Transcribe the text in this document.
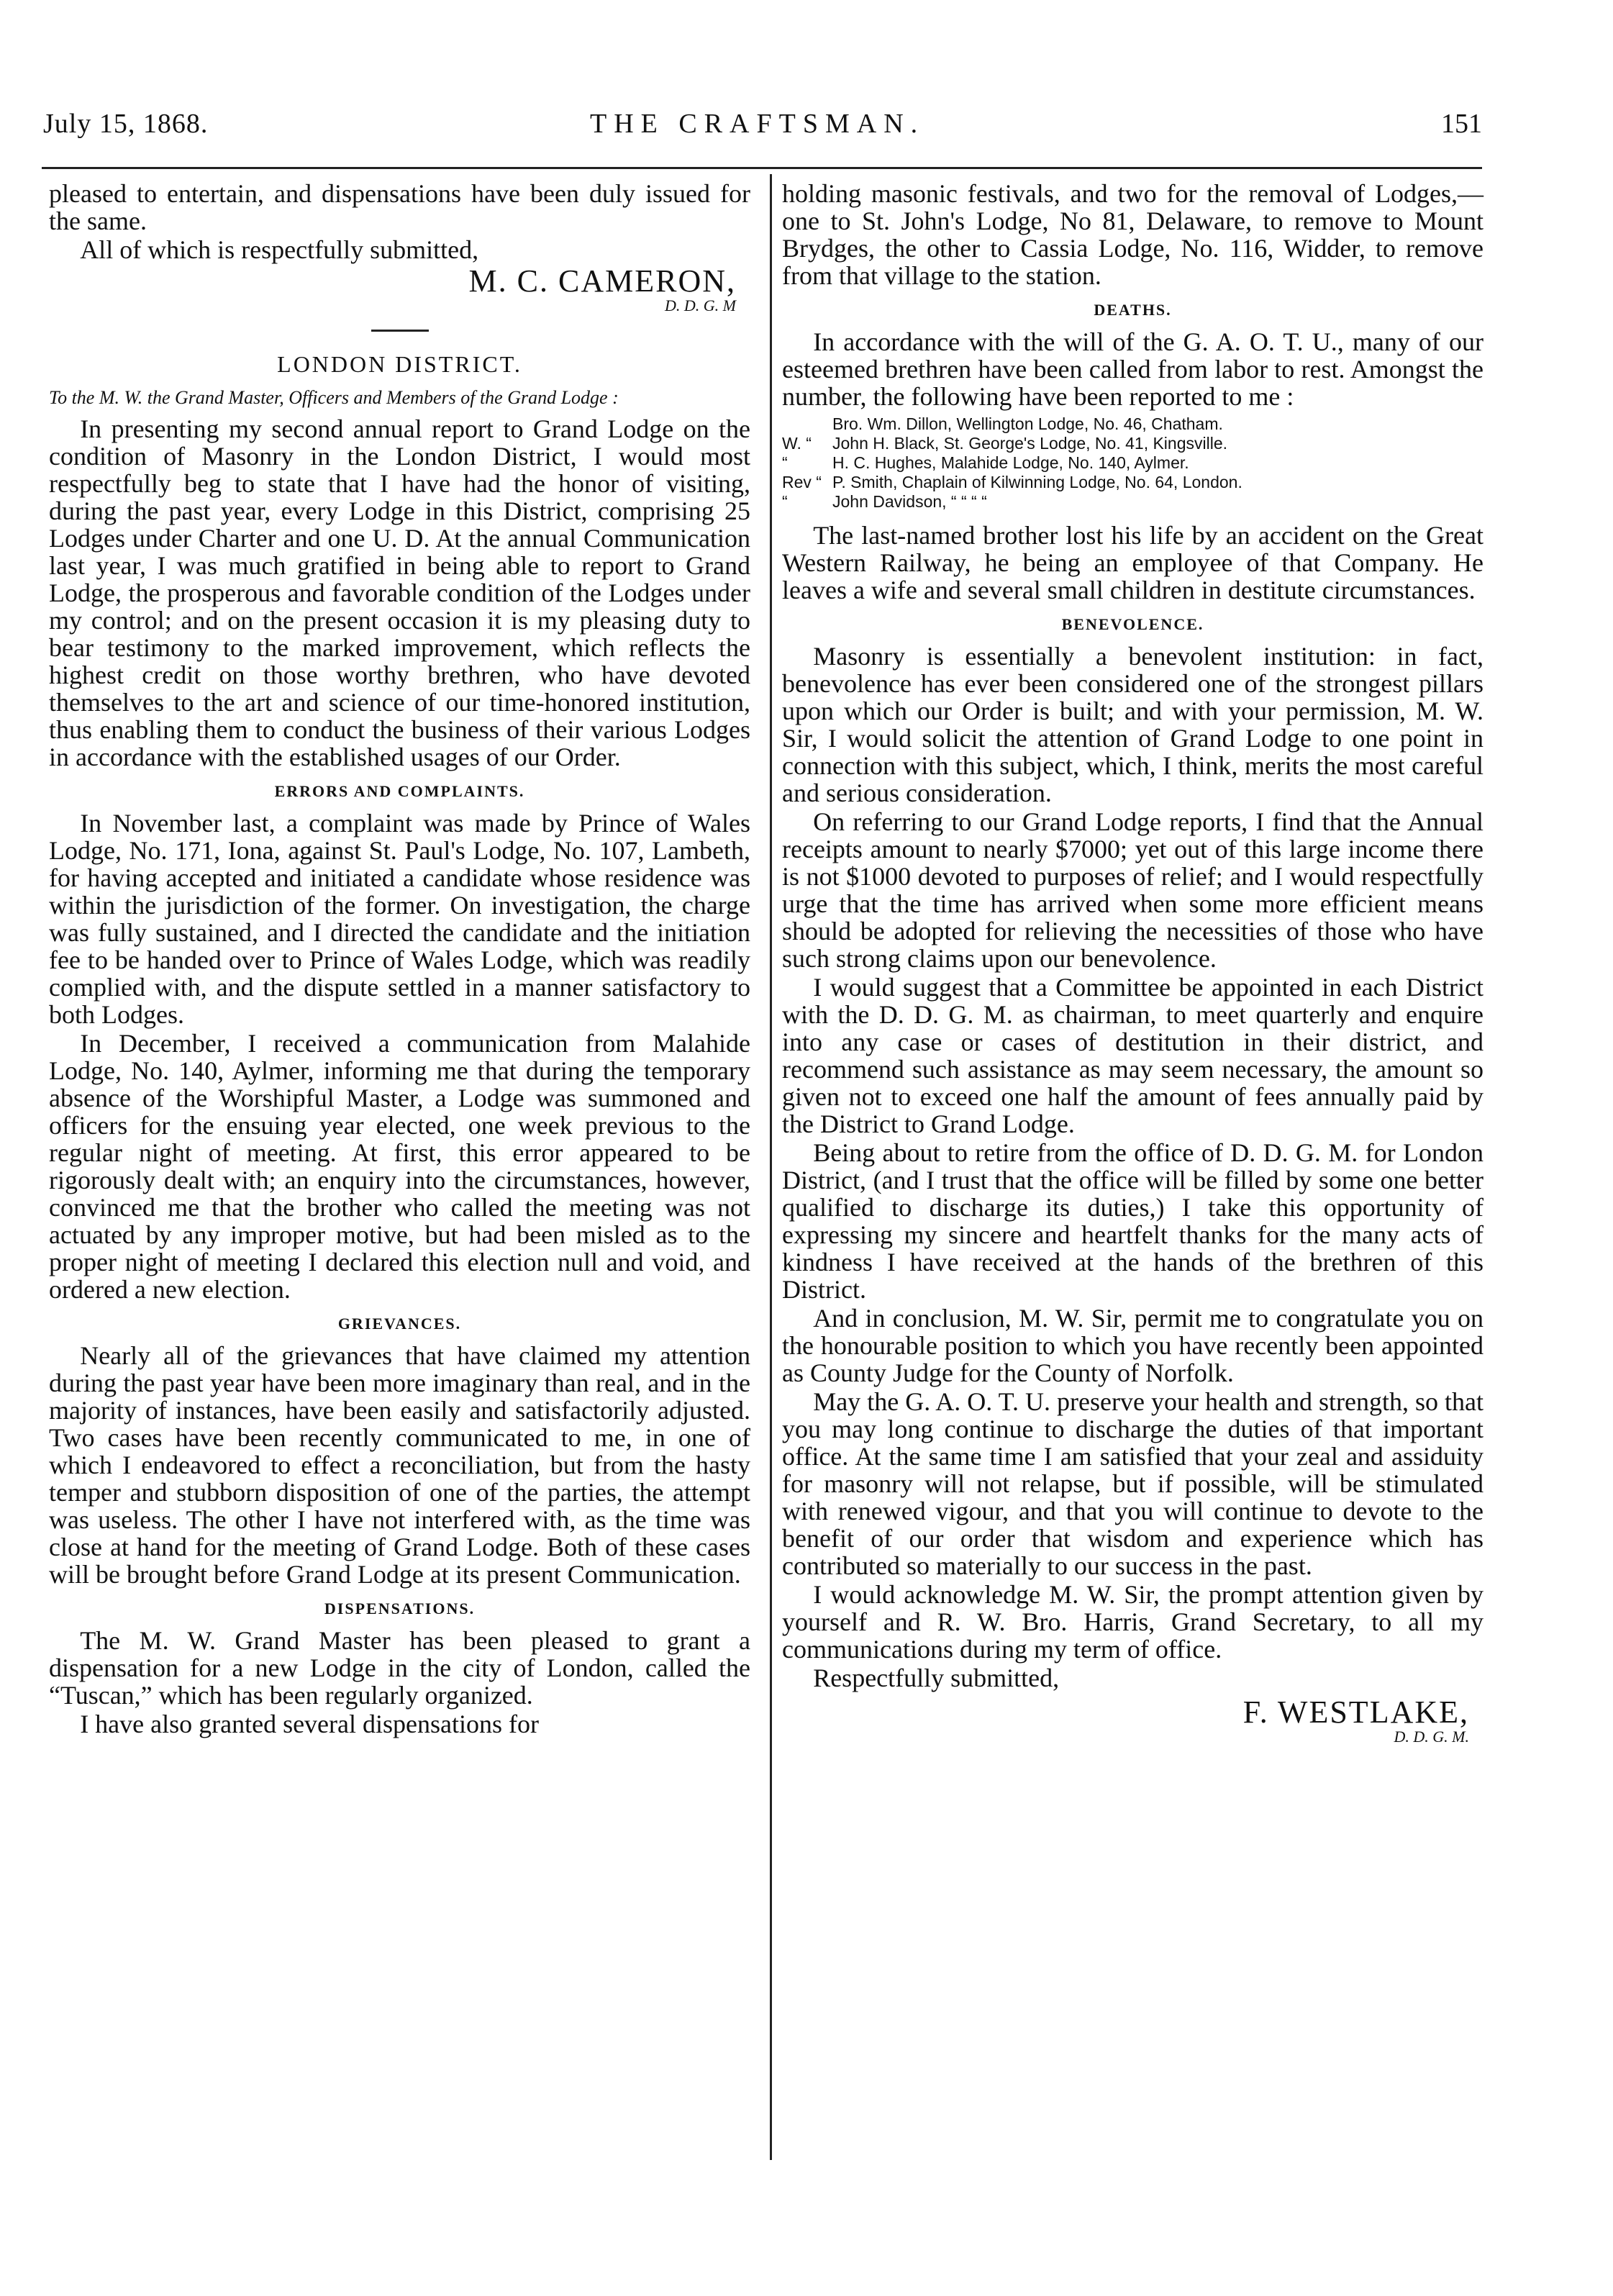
July 15, 1868.	THE CRAFTSMAN.	151

pleased to entertain, and dispensations have been duly issued for the same.

All of which is respectfully submitted,

M. C. CAMERON,
D. D. G. M
LONDON DISTRICT.

To the M. W. the Grand Master, Officers and Members of the Grand Lodge :

In presenting my second annual report to Grand Lodge on the condition of Masonry in the London District, I would most respectfully beg to state that I have had the honor of visiting, during the past year, every Lodge in this District, comprising 25 Lodges under Charter and one U. D. At the annual Communication last year, I was much gratified in being able to report to Grand Lodge, the prosperous and favorable condition of the Lodges under my control; and on the present occasion it is my pleasing duty to bear testimony to the marked improvement, which reflects the highest credit on those worthy brethren, who have devoted themselves to the art and science of our time-honored institution, thus enabling them to conduct the business of their various Lodges in accordance with the established usages of our Order.

ERRORS AND COMPLAINTS.

In November last, a complaint was made by Prince of Wales Lodge, No. 171, Iona, against St. Paul's Lodge, No. 107, Lambeth, for having accepted and initiated a candidate whose residence was within the jurisdiction of the former. On investigation, the charge was fully sustained, and I directed the candidate and the initiation fee to be handed over to Prince of Wales Lodge, which was readily complied with, and the dispute settled in a manner satisfactory to both Lodges.

In December, I received a communication from Malahide Lodge, No. 140, Aylmer, informing me that during the temporary absence of the Worshipful Master, a Lodge was summoned and officers for the ensuing year elected, one week previous to the regular night of meeting. At first, this error appeared to be rigorously dealt with; an enquiry into the circumstances, however, convinced me that the brother who called the meeting was not actuated by any improper motive, but had been misled as to the proper night of meeting I declared this election null and void, and ordered a new election.

GRIEVANCES.

Nearly all of the grievances that have claimed my attention during the past year have been more imaginary than real, and in the majority of instances, have been easily and satisfactorily adjusted. Two cases have been recently communicated to me, in one of which I endeavored to effect a reconciliation, but from the hasty temper and stubborn disposition of one of the parties, the attempt was useless. The other I have not interfered with, as the time was close at hand for the meeting of Grand Lodge. Both of these cases will be brought before Grand Lodge at its present Communication.

DISPENSATIONS.

The M. W. Grand Master has been pleased to grant a dispensation for a new Lodge in the city of London, called the “Tuscan,” which has been regularly organized.

I have also granted several dispensations for

holding masonic festivals, and two for the removal of Lodges,—one to St. John's Lodge, No 81, Delaware, to remove to Mount Brydges, the other to Cassia Lodge, No. 116, Widder, to remove from that village to the station.

DEATHS.

In accordance with the will of the G. A. O. T. U., many of our esteemed brethren have been called from labor to rest. Amongst the number, the following have been reported to me :

Bro. Wm. Dillon, Wellington Lodge, No. 46, Chatham.
W. “	John H. Black, St. George's Lodge, No. 41, Kingsville.
“	H. C. Hughes, Malahide Lodge, No. 140, Aylmer.
Rev “ P. Smith, Chaplain of Kilwinning Lodge, No. 64, London.
“	John Davidson, “ “ “ “

The last-named brother lost his life by an accident on the Great Western Railway, he being an employee of that Company. He leaves a wife and several small children in destitute circumstances.

BENEVOLENCE.

Masonry is essentially a benevolent institution: in fact, benevolence has ever been considered one of the strongest pillars upon which our Order is built; and with your permission, M. W. Sir, I would solicit the attention of Grand Lodge to one point in connection with this subject, which, I think, merits the most careful and serious consideration.

On referring to our Grand Lodge reports, I find that the Annual receipts amount to nearly $7000; yet out of this large income there is not $1000 devoted to purposes of relief; and I would respectfully urge that the time has arrived when some more efficient means should be adopted for relieving the necessities of those who have such strong claims upon our benevolence.

I would suggest that a Committee be appointed in each District with the D. D. G. M. as chairman, to meet quarterly and enquire into any case or cases of destitution in their district, and recommend such assistance as may seem necessary, the amount so given not to exceed one half the amount of fees annually paid by the District to Grand Lodge.

Being about to retire from the office of D. D. G. M. for London District, (and I trust that the office will be filled by some one better qualified to discharge its duties,) I take this opportunity of expressing my sincere and heartfelt thanks for the many acts of kindness I have received at the hands of the brethren of this District.

And in conclusion, M. W. Sir, permit me to congratulate you on the honourable position to which you have recently been appointed as County Judge for the County of Norfolk.

May the G. A. O. T. U. preserve your health and strength, so that you may long continue to discharge the duties of that important office. At the same time I am satisfied that your zeal and assiduity for masonry will not relapse, but if possible, will be stimulated with renewed vigour, and that you will continue to devote to the benefit of our order that wisdom and experience which has contributed so materially to our success in the past.

I would acknowledge M. W. Sir, the prompt attention given by yourself and R. W. Bro. Harris, Grand Secretary, to all my communications during my term of office.

Respectfully submitted,

F. WESTLAKE,
D. D. G. M.
